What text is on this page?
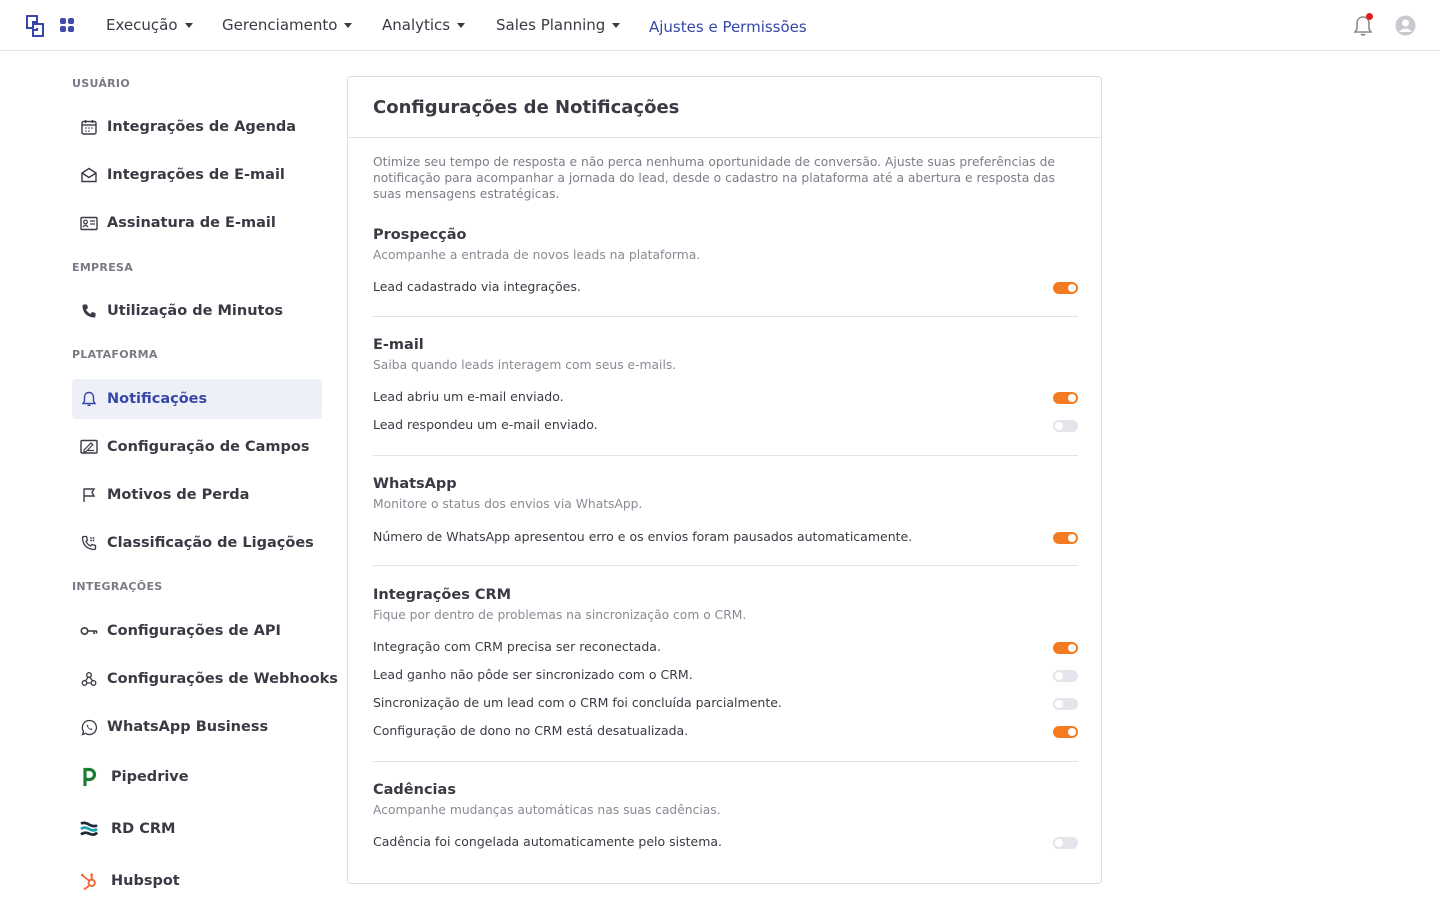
Execução	Gerenciamento	Analytics	Sales Planning	Ajustes e Permissões
USUÁRIO
Integrações de Agenda
Integrações de E-mail
Assinatura de E-mail
EMPRESA
Utilização de Minutos
PLATAFORMA
Notificações
Configuração de Campos
Motivos de Perda
Classificação de Ligações
INTEGRAÇÕES
Configurações de API
Configurações de Webhooks
WhatsApp Business
Pipedrive
RD CRM
Hubspot
Configurações de Notificações
Otimize seu tempo de resposta e não perca nenhuma oportunidade de conversão. Ajuste suas preferências de notificação para acompanhar a jornada do lead, desde o cadastro na plataforma até a abertura e resposta das suas mensagens estratégicas.
Prospecção
Acompanhe a entrada de novos leads na plataforma.
Lead cadastrado via integrações.
E-mail
Saiba quando leads interagem com seus e-mails.
Lead abriu um e-mail enviado.
Lead respondeu um e-mail enviado.
WhatsApp
Monitore o status dos envios via WhatsApp.
Número de WhatsApp apresentou erro e os envios foram pausados automaticamente.
Integrações CRM
Fique por dentro de problemas na sincronização com o CRM.
Integração com CRM precisa ser reconectada.
Lead ganho não pôde ser sincronizado com o CRM.
Sincronização de um lead com o CRM foi concluída parcialmente.
Configuração de dono no CRM está desatualizada.
Cadências
Acompanhe mudanças automáticas nas suas cadências.
Cadência foi congelada automaticamente pelo sistema.
